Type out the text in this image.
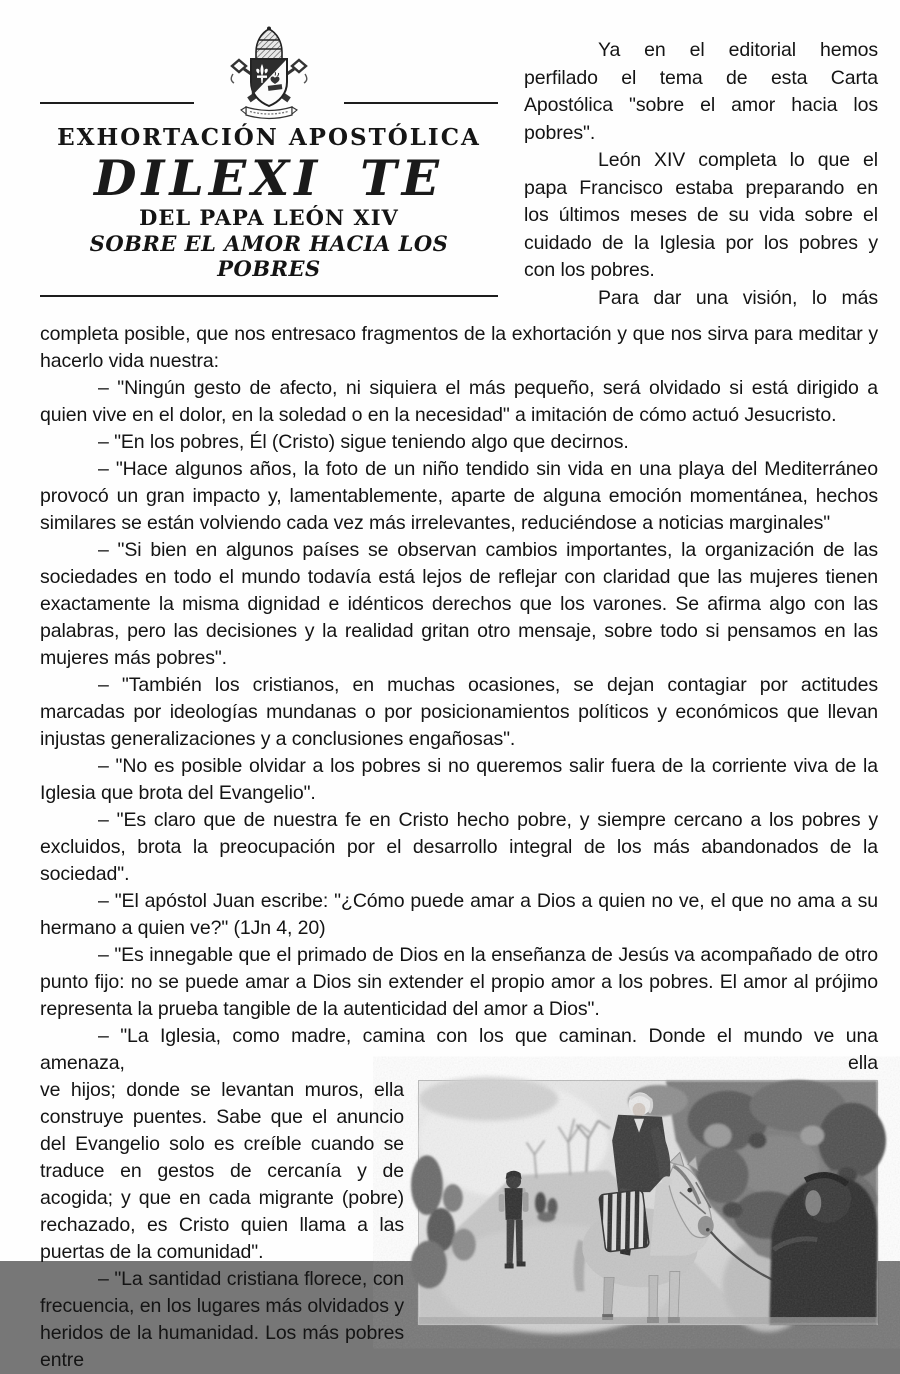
EXHORTACIÓN APOSTÓLICA
DILEXI TE
DEL PAPA LEÓN XIV
SOBRE EL AMOR HACIA LOS POBRES

Ya en el editorial hemos perfilado el tema de esta Carta Apostólica "sobre el amor hacia los pobres".

León XIV completa lo que el papa Francisco estaba preparando en los últimos meses de su vida sobre el cuidado de la Iglesia por los pobres y con los pobres.

Para dar una visión, lo más

completa posible, que nos entresaco fragmentos de la exhortación y que nos sirva para meditar y hacerlo vida nuestra:

– "Ningún gesto de afecto, ni siquiera el más pequeño, será olvidado si está dirigido a quien vive en el dolor, en la soledad o en la necesidad" a imitación de cómo actuó Jesucristo.

– "En los pobres, Él (Cristo) sigue teniendo algo que decirnos.

– "Hace algunos años, la foto de un niño tendido sin vida en una playa del Mediterráneo provocó un gran impacto y, lamentablemente, aparte de alguna emoción momentánea, hechos similares se están volviendo cada vez más irrelevantes, reduciéndose a noticias marginales"

– "Si bien en algunos países se observan cambios importantes, la organización de las sociedades en todo el mundo todavía está lejos de reflejar con claridad que las mujeres tienen exactamente la misma dignidad e idénticos derechos que los varones. Se afirma algo con las palabras, pero las decisiones y la realidad gritan otro mensaje, sobre todo si pensamos en las mujeres más pobres".

– "También los cristianos, en muchas ocasiones, se dejan contagiar por actitudes marcadas por ideologías mundanas o por posicionamientos políticos y económicos que llevan injustas generalizaciones y a conclusiones engañosas".

– "No es posible olvidar a los pobres si no queremos salir fuera de la corriente viva de la Iglesia que brota del Evangelio".

– "Es claro que de nuestra fe en Cristo hecho pobre, y siempre cercano a los pobres y excluidos, brota la preocupación por el desarrollo integral de los más abandonados de la sociedad".

– "El apóstol Juan escribe: "¿Cómo puede amar a Dios a quien no ve, el que no ama a su hermano a quien ve?" (1Jn 4, 20)

– "Es innegable que el primado de Dios en la enseñanza de Jesús va acompañado de otro punto fijo: no se puede amar a Dios sin extender el propio amor a los pobres. El amor al prójimo representa la prueba tangible de la autenticidad del amor a Dios".

– "La Iglesia, como madre, camina con los que caminan. Donde el mundo ve una amenaza, ella

ve hijos; donde se levantan muros, ella construye puentes. Sabe que el anuncio del Evangelio solo es creíble cuando se traduce en gestos de cercanía y de acogida; y que en cada migrante (pobre) rechazado, es Cristo quien llama a las puertas de la comunidad".

– "La santidad cristiana florece, con frecuencia, en los lugares más olvidados y heridos de la humanidad. Los más pobres entre
